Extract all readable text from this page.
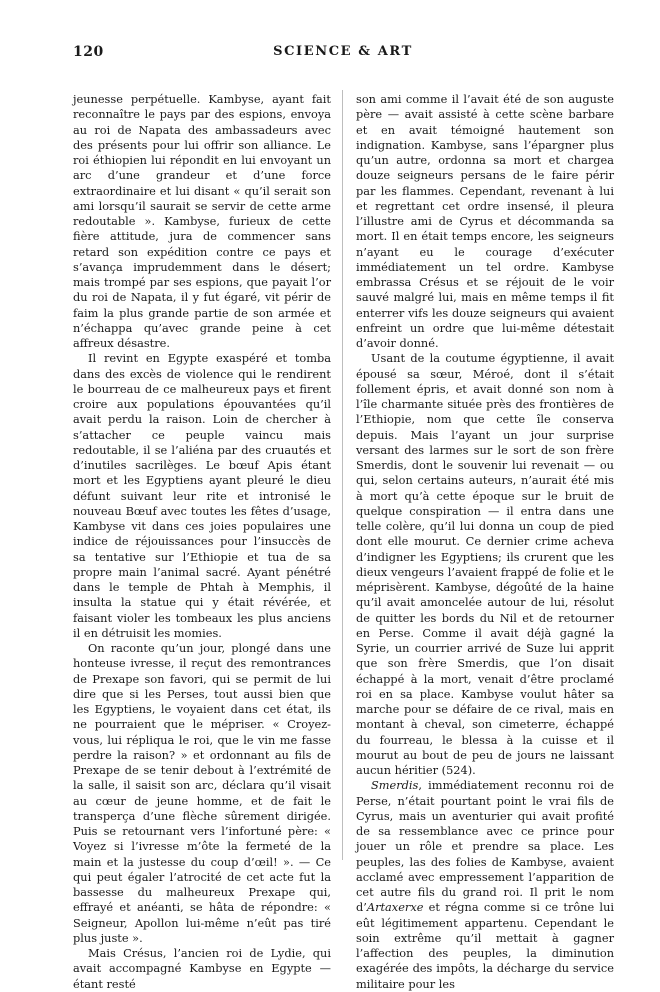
120	SCIENCE & ART

jeunesse perpétuelle. Kambyse, ayant fait reconnaître le pays par des espions, envoya au roi de Napata des ambassadeurs avec des présents pour lui offrir son alliance. Le roi éthiopien lui répondit en lui envoyant un arc d’une grandeur et d’une force extraordinaire et lui disant « qu’il serait son ami lorsqu’il saurait se servir de cette arme redoutable ». Kambyse, furieux de cette fière attitude, jura de commencer sans retard son expédition contre ce pays et s’avança imprudemment dans le désert; mais trompé par ses espions, que payait l’or du roi de Napata, il y fut égaré, vit périr de faim la plus grande partie de son armée et n’échappa qu’avec grande peine à cet affreux désastre.

Il revint en Egypte exaspéré et tomba dans des excès de violence qui le rendirent le bourreau de ce malheureux pays et firent croire aux populations épouvantées qu’il avait perdu la raison. Loin de chercher à s’attacher ce peuple vaincu mais redoutable, il se l’aliéna par des cruautés et d’inutiles sacrilèges. Le bœuf Apis étant mort et les Egyptiens ayant pleuré le dieu défunt suivant leur rite et intronisé le nouveau Bœuf avec toutes les fêtes d’usage, Kambyse vit dans ces joies populaires une indice de réjouissances pour l’insuccès de sa tentative sur l’Ethiopie et tua de sa propre main l’animal sacré. Ayant pénétré dans le temple de Phtah à Memphis, il insulta la statue qui y était révérée, et faisant violer les tombeaux les plus anciens il en détruisit les momies.

On raconte qu’un jour, plongé dans une honteuse ivresse, il reçut des remontrances de Prexape son favori, qui se permit de lui dire que si les Perses, tout aussi bien que les Egyptiens, le voyaient dans cet état, ils ne pourraient que le mépriser. « Croyez-vous, lui répliqua le roi, que le vin me fasse perdre la raison? » et ordonnant au fils de Prexape de se tenir debout à l’extrémité de la salle, il saisit son arc, déclara qu’il visait au cœur de jeune homme, et de fait le transperça d’une flèche sûrement dirigée. Puis se retournant vers l’infortuné père: « Voyez si l’ivresse m’ôte la fermeté de la main et la justesse du coup d’œil! ». — Ce qui peut égaler l’atrocité de cet acte fut la bassesse du malheureux Prexape qui, effrayé et anéanti, se hâta de répondre: « Seigneur, Apollon lui-même n’eût pas tiré plus juste ».

Mais Crésus, l’ancien roi de Lydie, qui avait accompagné Kambyse en Egypte — étant resté

son ami comme il l’avait été de son auguste père — avait assisté à cette scène barbare et en avait témoigné hautement son indignation. Kambyse, sans l’épargner plus qu’un autre, ordonna sa mort et chargea douze seigneurs persans de le faire périr par les flammes. Cependant, revenant à lui et regrettant cet ordre insensé, il pleura l’illustre ami de Cyrus et décommanda sa mort. Il en était temps encore, les seigneurs n’ayant eu le courage d’exécuter immédiatement un tel ordre. Kambyse embrassa Crésus et se réjouit de le voir sauvé malgré lui, mais en même temps il fit enterrer vifs les douze seigneurs qui avaient enfreint un ordre que lui-même détestait d’avoir donné.

Usant de la coutume égyptienne, il avait épousé sa sœur, Méroé, dont il s’était follement épris, et avait donné son nom à l’île charmante située près des frontières de l’Ethiopie, nom que cette île conserva depuis. Mais l’ayant un jour surprise versant des larmes sur le sort de son frère Smerdis, dont le souvenir lui revenait — ou qui, selon certains auteurs, n’aurait été mis à mort qu’à cette époque sur le bruit de quelque conspiration — il entra dans une telle colère, qu’il lui donna un coup de pied dont elle mourut. Ce dernier crime acheva d’indigner les Egyptiens; ils crurent que les dieux vengeurs l’avaient frappé de folie et le méprisèrent. Kambyse, dégoûté de la haine qu’il avait amoncelée autour de lui, résolut de quitter les bords du Nil et de retourner en Perse. Comme il avait déjà gagné la Syrie, un courrier arrivé de Suze lui apprit que son frère Smerdis, que l’on disait échappé à la mort, venait d’être proclamé roi en sa place. Kambyse voulut hâter sa marche pour se défaire de ce rival, mais en montant à cheval, son cimeterre, échappé du fourreau, le blessa à la cuisse et il mourut au bout de peu de jours ne laissant aucun héritier (524).

Smerdis, immédiatement reconnu roi de Perse, n’était pourtant point le vrai fils de Cyrus, mais un aventurier qui avait profité de sa ressemblance avec ce prince pour jouer un rôle et prendre sa place. Les peuples, las des folies de Kambyse, avaient acclamé avec empressement l’apparition de cet autre fils du grand roi. Il prit le nom d’Artaxerxe et régna comme si ce trône lui eût légitimement appartenu. Cependant le soin extrême qu’il mettait à gagner l’affection des peuples, la diminution exagérée des impôts, la décharge du service militaire pour les
